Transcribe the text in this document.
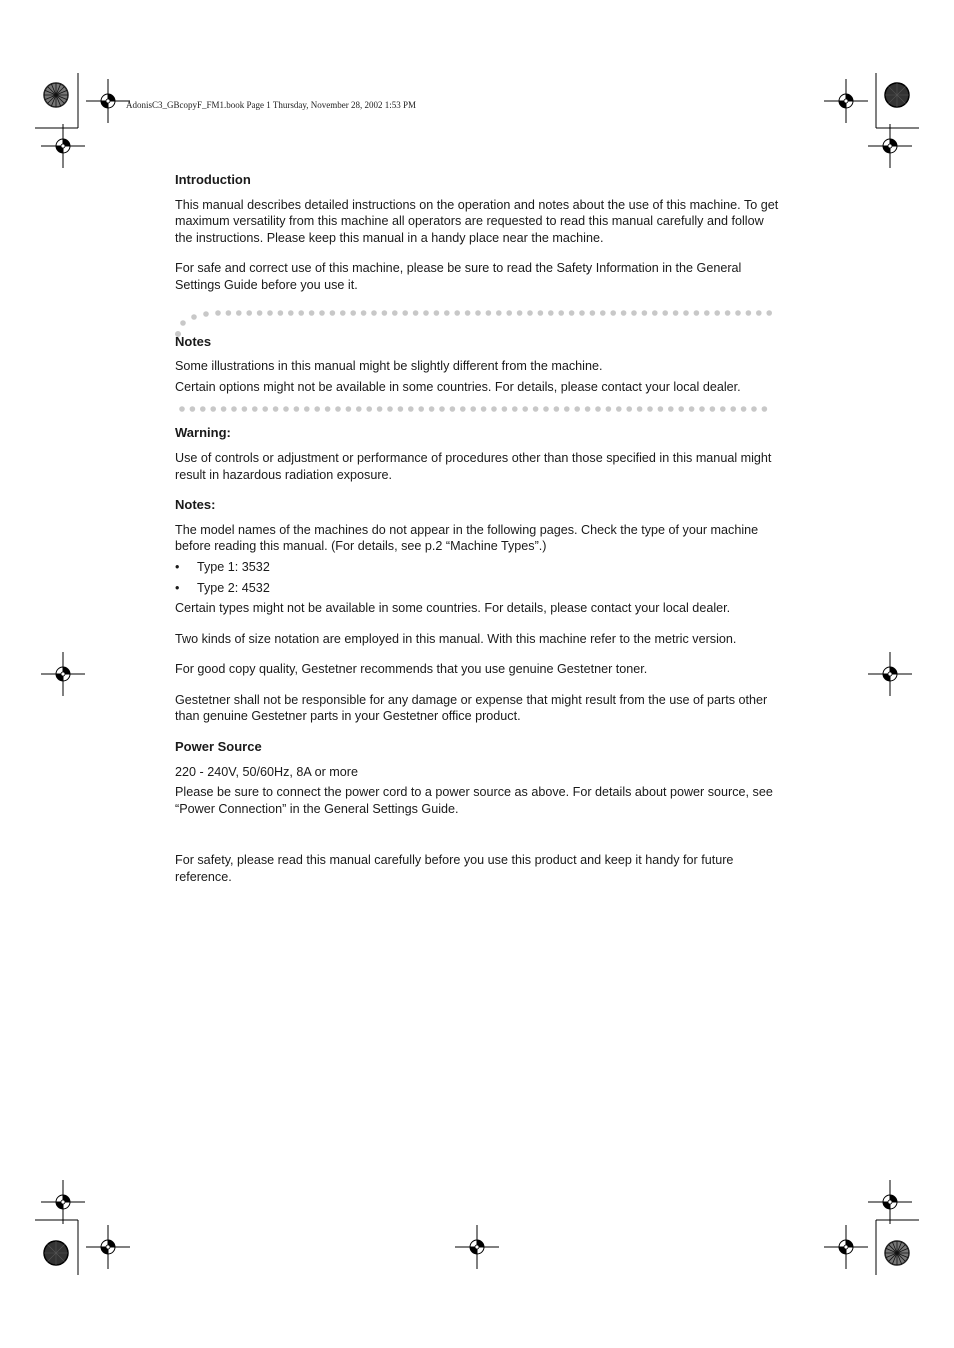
AdonisC3_GBcopyF_FM1.book Page 1 Thursday, November 28, 2002 1:53 PM
Introduction

This manual describes detailed instructions on the operation and notes about the use of this machine. To get maximum versatility from this machine all operators are requested to read this manual carefully and follow the instructions. Please keep this manual in a handy place near the machine.

For safe and correct use of this machine, please be sure to read the Safety Information in the General Settings Guide before you use it.

Notes

Some illustrations in this manual might be slightly different from the machine.

Certain options might not be available in some countries. For details, please contact your local dealer.

Warning:

Use of controls or adjustment or performance of procedures other than those specified in this manual might result in hazardous radiation exposure.

Notes:

The model names of the machines do not appear in the following pages. Check the type of your machine before reading this manual. (For details, see p.2 “Machine Types”.)

• Type 1: 3532
• Type 2: 4532

Certain types might not be available in some countries. For details, please contact your local dealer.

Two kinds of size notation are employed in this manual. With this machine refer to the metric version.

For good copy quality, Gestetner recommends that you use genuine Gestetner toner.

Gestetner shall not be responsible for any damage or expense that might result from the use of parts other than genuine Gestetner parts in your Gestetner office product.

Power Source

220 - 240V, 50/60Hz, 8A or more

Please be sure to connect the power cord to a power source as above. For details about power source, see “Power Connection” in the General Settings Guide.

For safety, please read this manual carefully before you use this product and keep it handy for future reference.
